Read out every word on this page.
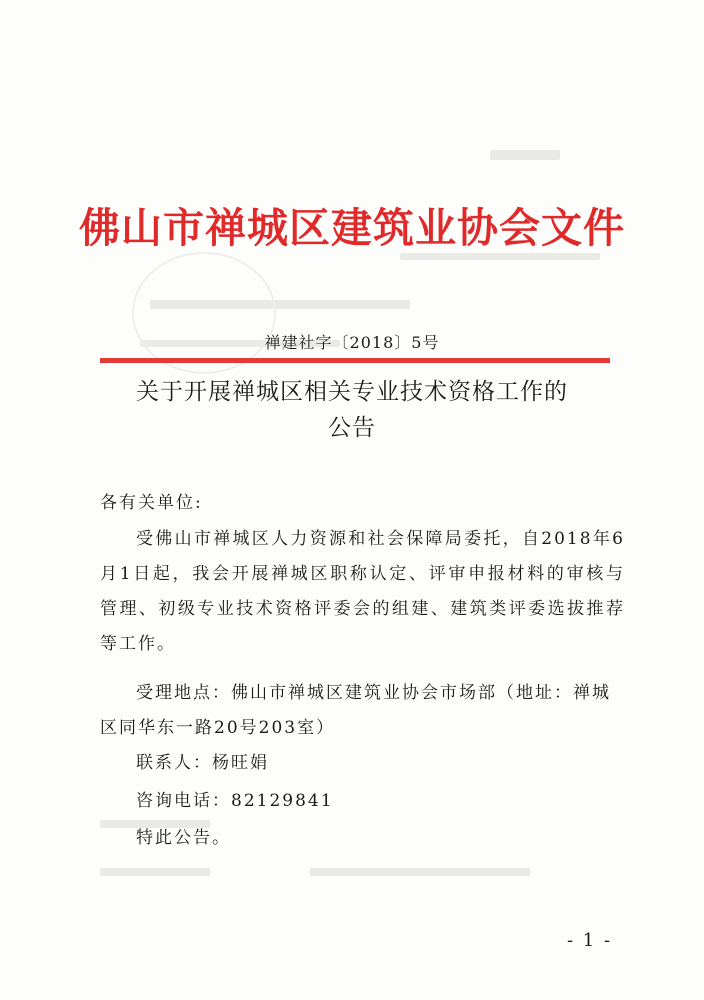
佛山市禅城区建筑业协会文件
禅建社字〔2018〕5号
关于开展禅城区相关专业技术资格工作的
公告
各有关单位:
受佛山市禅城区人力资源和社会保障局委托，自2018年6月1日起，我会开展禅城区职称认定、评审申报材料的审核与管理、初级专业技术资格评委会的组建、建筑类评委选拔推荐等工作。
受理地点：佛山市禅城区建筑业协会市场部（地址：禅城区同华东一路20号203室）
联系人：杨旺娟
咨询电话：82129841
特此公告。
- 1 -
